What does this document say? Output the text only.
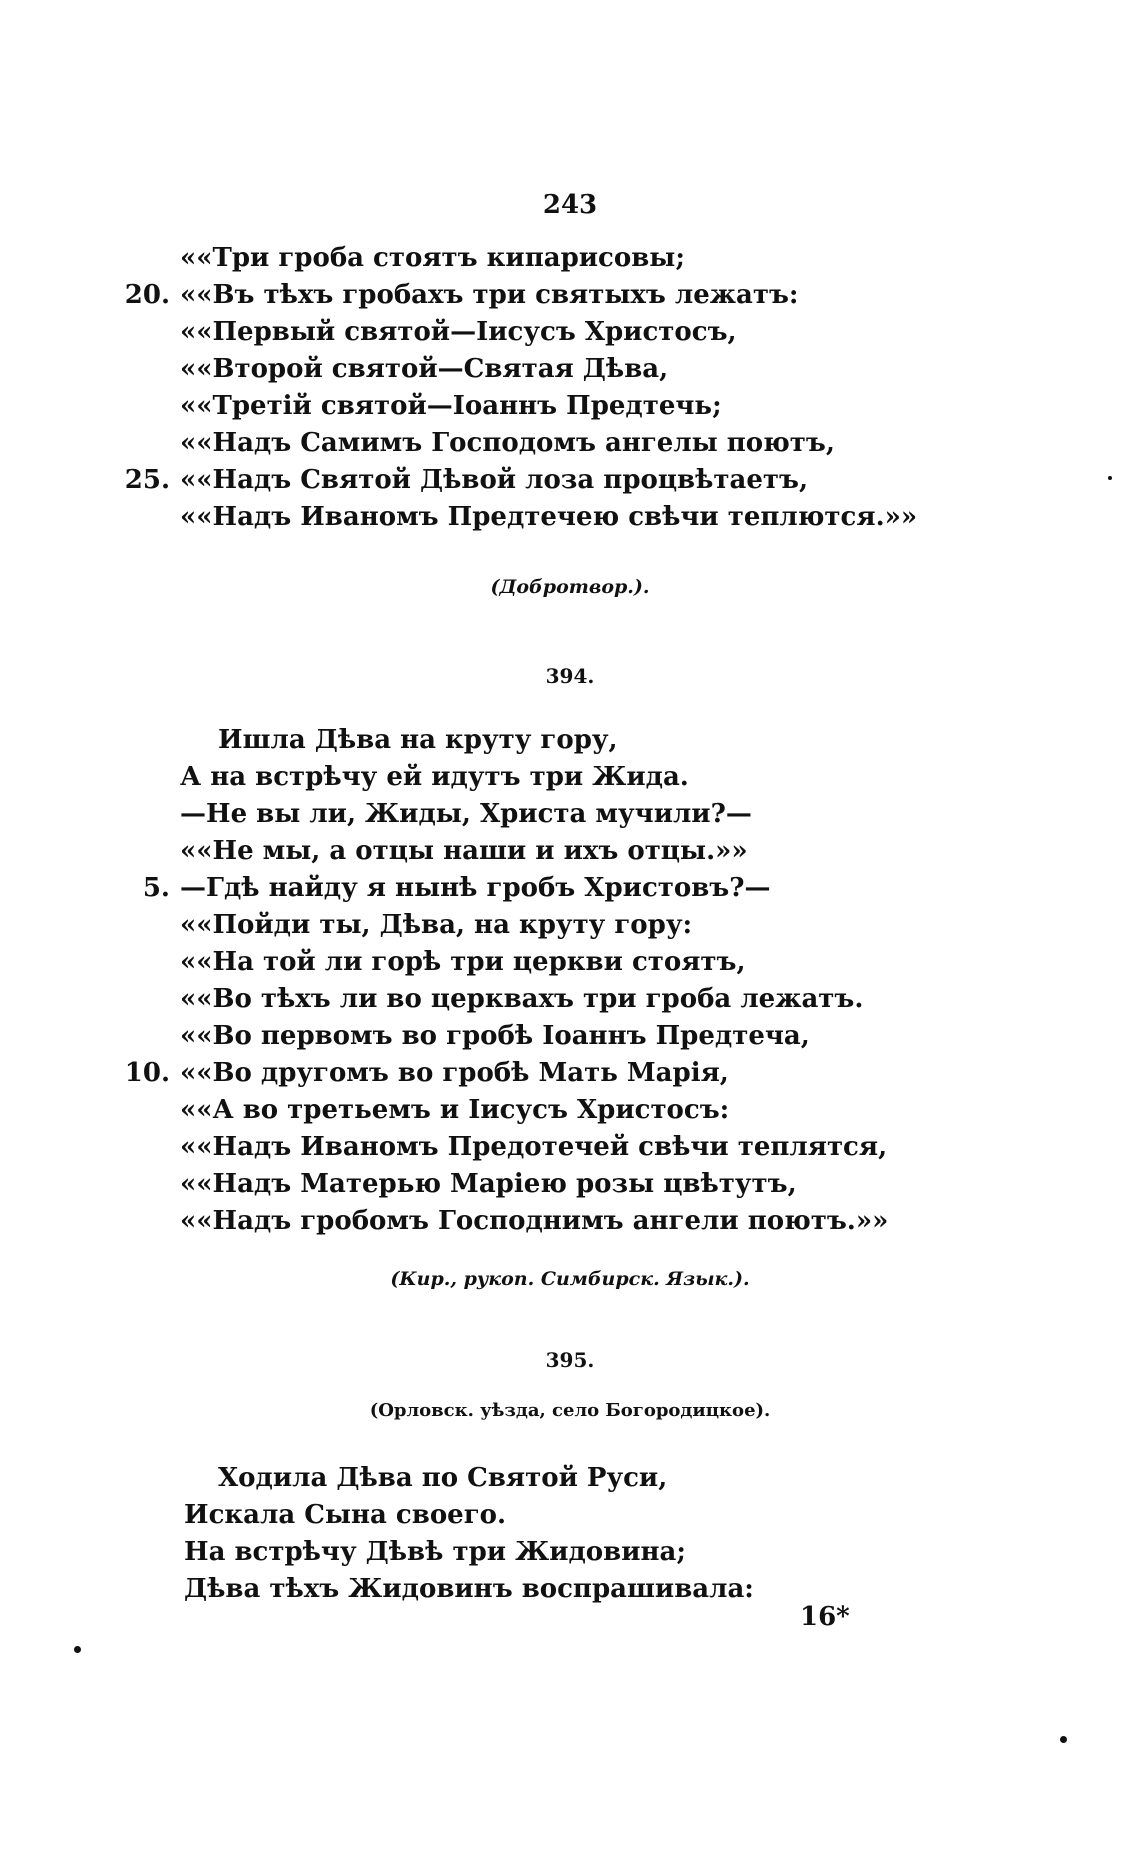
243
««Три гроба стоятъ кипарисовы;
20. ««Въ тѣхъ гробахъ три святыхъ лежатъ:
««Первый святой—Іисусъ Христосъ,
««Второй святой—Святая Дѣва,
««Третій святой—Іоаннъ Предтечь;
««Надъ Самимъ Господомъ ангелы поютъ,
25. ««Надъ Святой Дѣвой лоза процвѣтаетъ,
««Надъ Иваномъ Предтечею свѣчи теплются.»»
(Добротвор.).
394.
Ишла Дѣва на круту гору,
А на встрѣчу ей идутъ три Жида.
—Не вы ли, Жиды, Христа мучили?—
««Не мы, а отцы наши и ихъ отцы.»»
5. —Гдѣ найду я нынѣ гробъ Христовъ?—
««Пойди ты, Дѣва, на круту гору:
««На той ли горѣ три церкви стоятъ,
««Во тѣхъ ли во церквахъ три гроба лежатъ.
««Во первомъ во гробѣ Іоаннъ Предтеча,
10. ««Во другомъ во гробѣ Мать Марія,
««А во третьемъ и Іисусъ Христосъ:
««Надъ Иваномъ Предотечей свѣчи теплятся,
««Надъ Матерью Маріею розы цвѣтутъ,
««Надъ гробомъ Господнимъ ангели поютъ.»»
(Кир., рукоп. Симбирск. Язык.).
395.
(Орловск. уѣзда, село Богородицкое).
Ходила Дѣва по Святой Руси,
Искала Сына своего.
На встрѣчу Дѣвѣ три Жидовина;
Дѣва тѣхъ Жидовинъ воспрашивала:
16*
